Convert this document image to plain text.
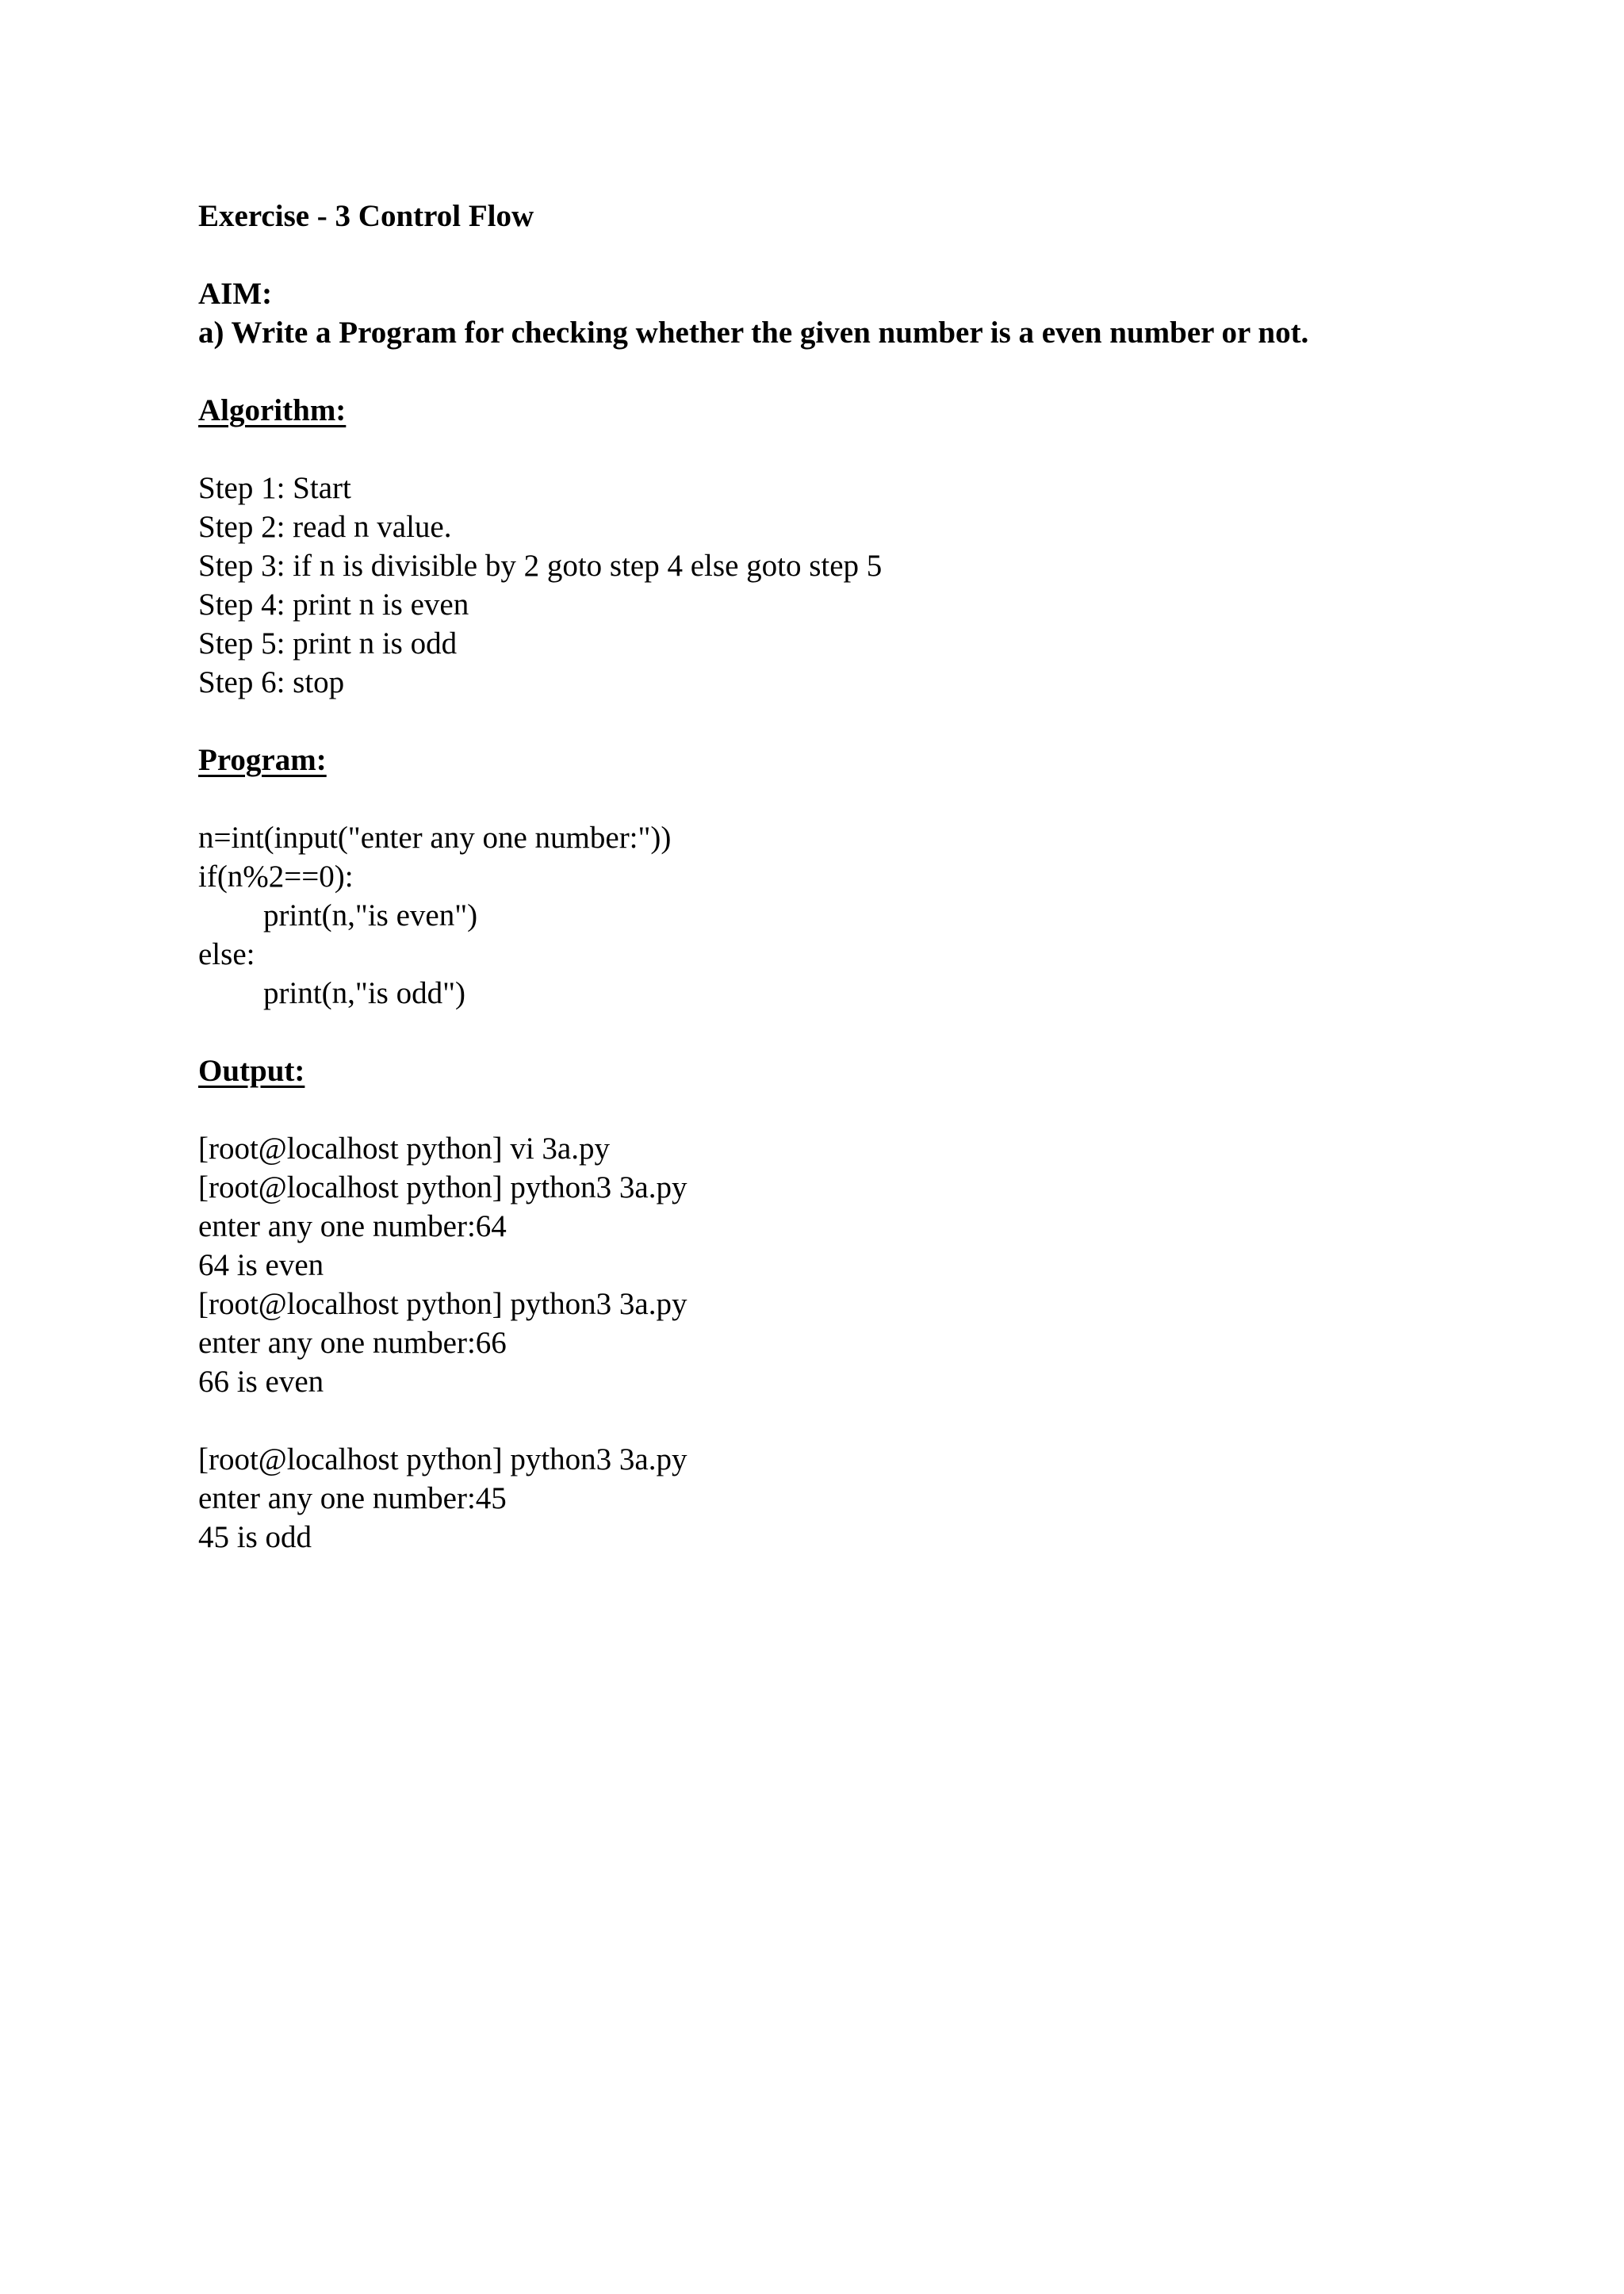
Exercise - 3 Control Flow
AIM:
a) Write a Program for checking whether the given number is a even number or not.
Algorithm:
Step 1: Start
Step 2: read n value.
Step 3: if n is divisible by 2 goto step 4 else goto step 5
Step 4: print n is even
Step 5: print n is odd
Step 6: stop
Program:
n=int(input("enter any one number:"))
if(n%2==0):
print(n,"is even")
else:
print(n,"is odd")
Output:
[root@localhost python] vi 3a.py
[root@localhost python] python3 3a.py
enter any one number:64
64 is even
[root@localhost python] python3 3a.py
enter any one number:66
66 is even
[root@localhost python] python3 3a.py
enter any one number:45
45 is odd
